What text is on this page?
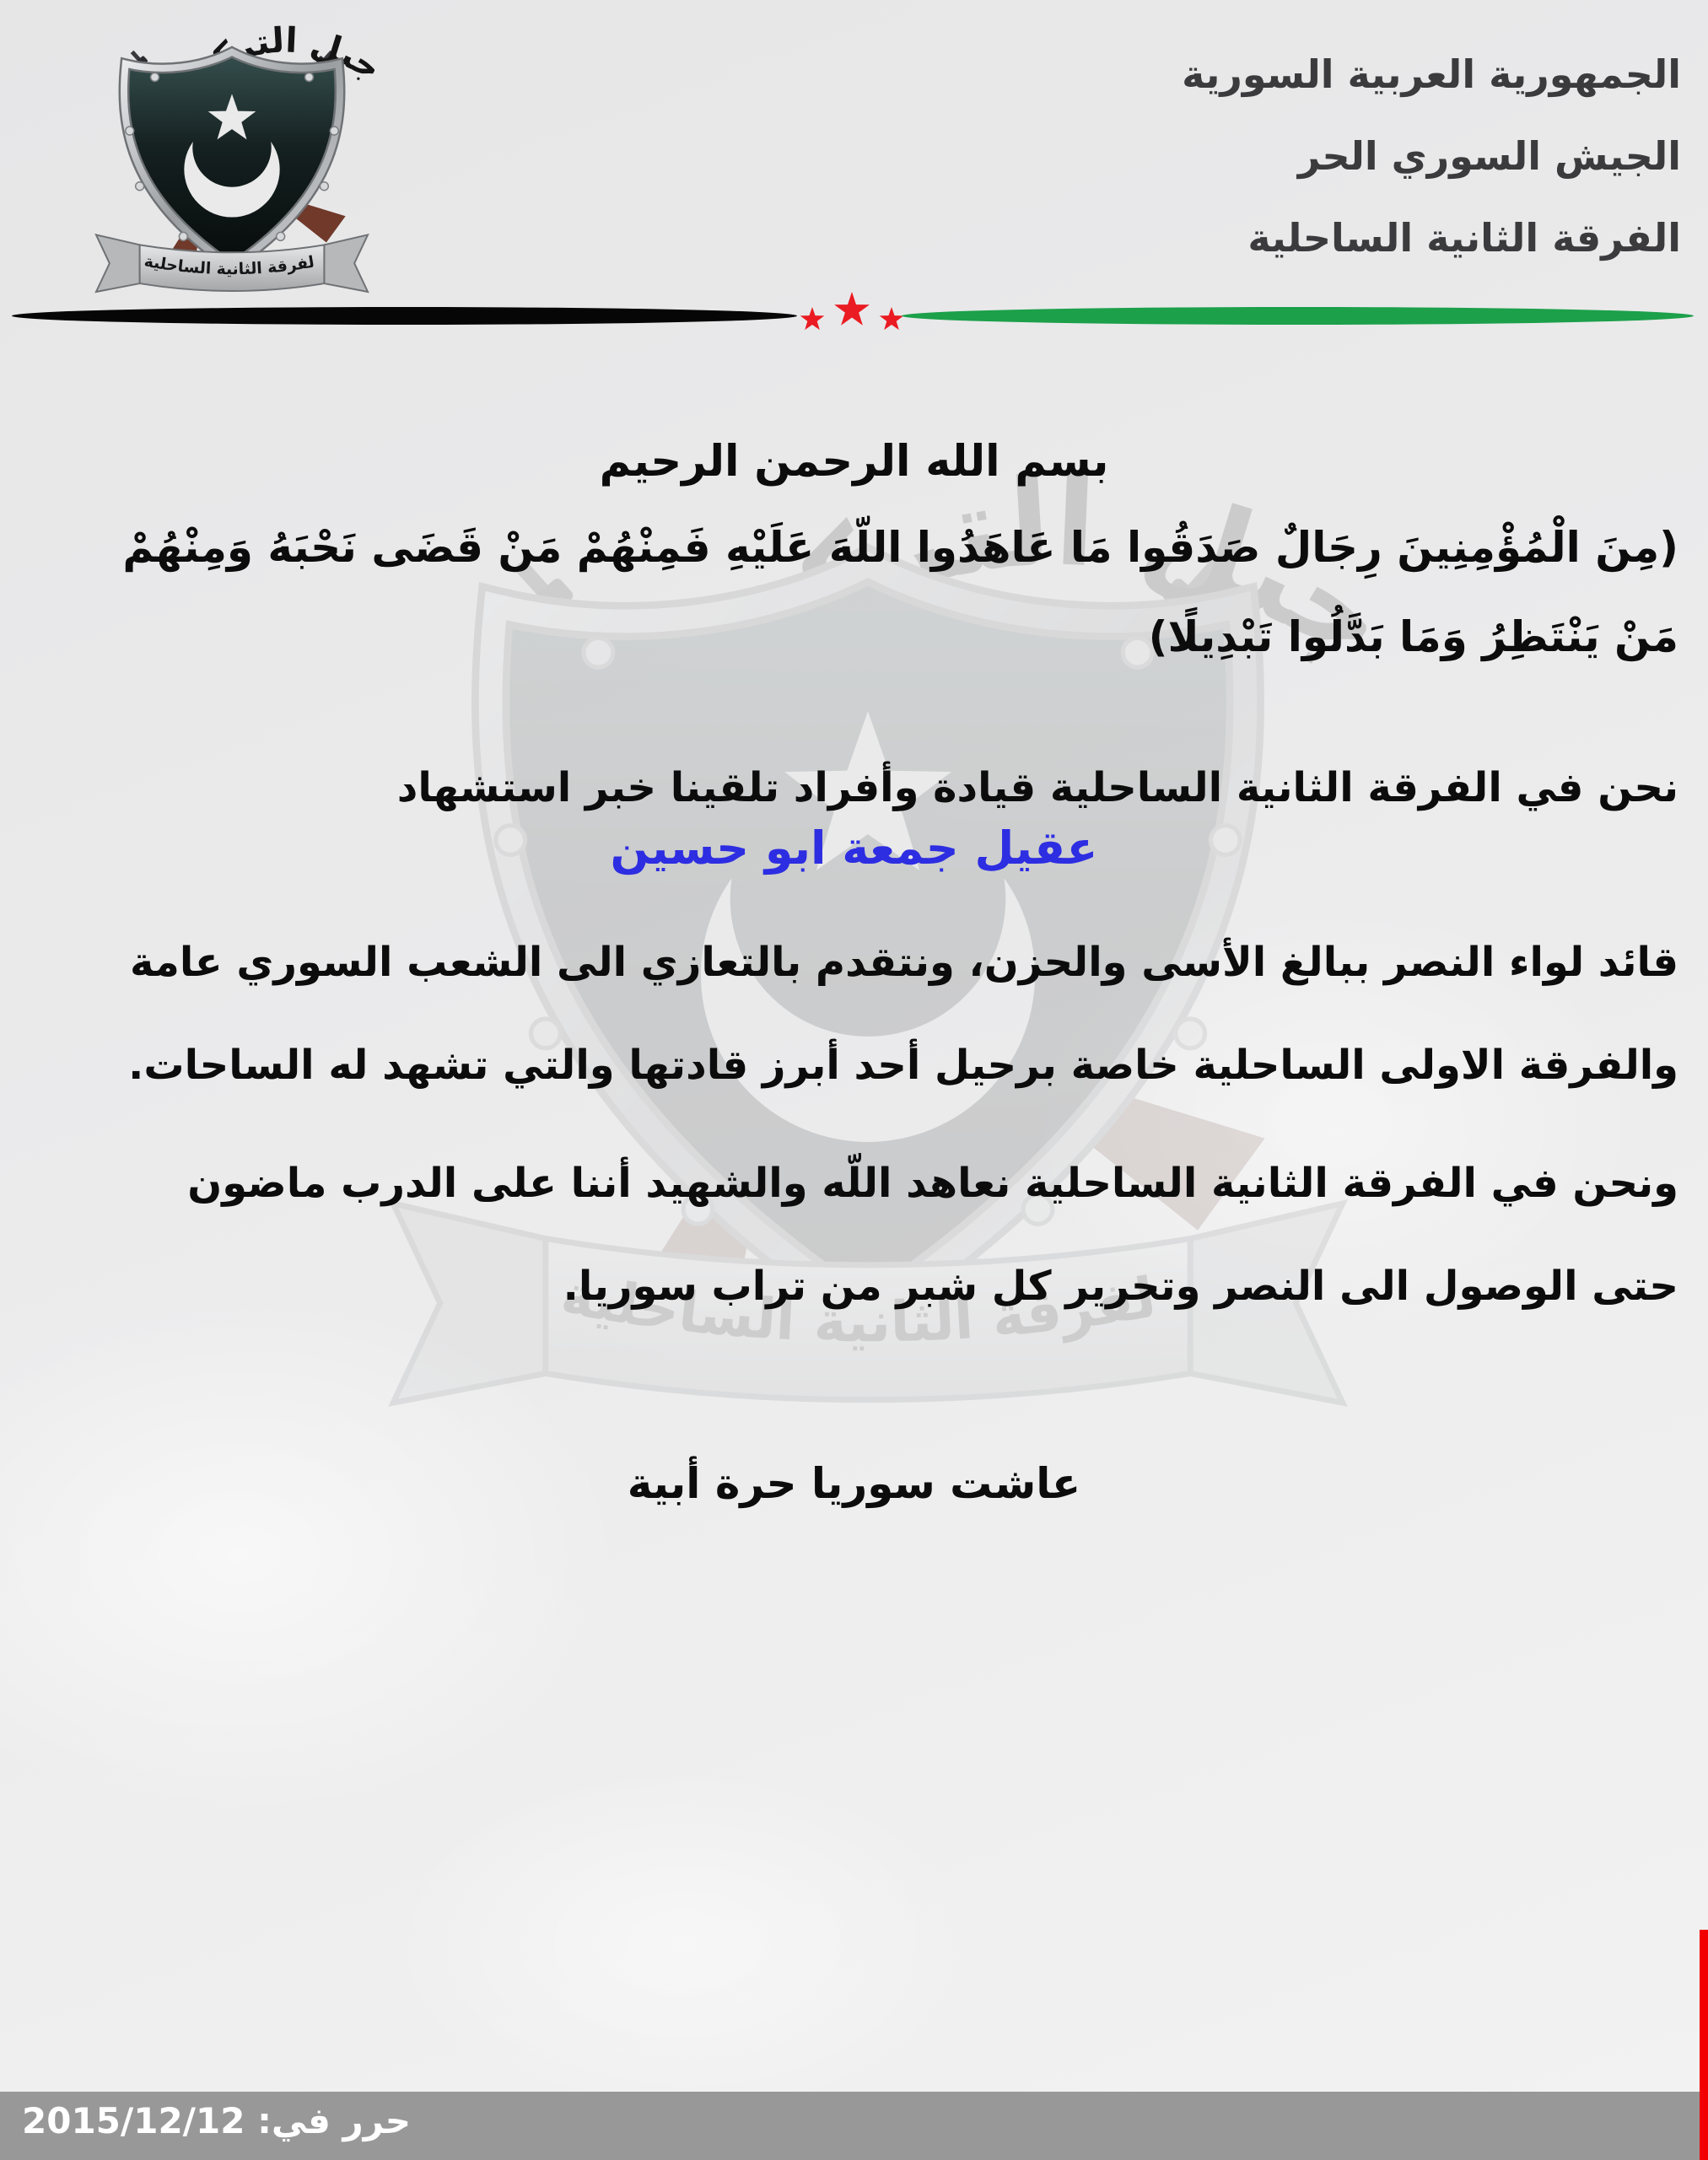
الجمهورية العربية السورية
الجيش السوري الحر
الفرقة الثانية الساحلية
بسم الله الرحمن الرحيم
(مِنَ الْمُؤْمِنِينَ رِجَالٌ صَدَقُوا مَا عَاهَدُوا اللّهَ عَلَيْهِ فَمِنْهُمْ مَنْ قَضَى نَحْبَهُ وَمِنْهُمْ
مَنْ يَنْتَظِرُ وَمَا بَدَّلُوا تَبْدِيلًا)
نحن في الفرقة الثانية الساحلية قيادة وأفراد تلقينا خبر استشهاد
عقيل جمعة ابو حسين
قائد لواء النصر ببالغ الأسى والحزن، ونتقدم بالتعازي الى الشعب السوري عامة
والفرقة الاولى الساحلية خاصة برحيل أحد أبرز قادتها والتي تشهد له الساحات.
ونحن في الفرقة الثانية الساحلية نعاهد اللّه والشهيد أننا على الدرب ماضون
حتى الوصول الى النصر وتحرير كل شبر من تراب سوريا.
عاشت سوريا حرة أبية
حرر في: 2015/12/12
